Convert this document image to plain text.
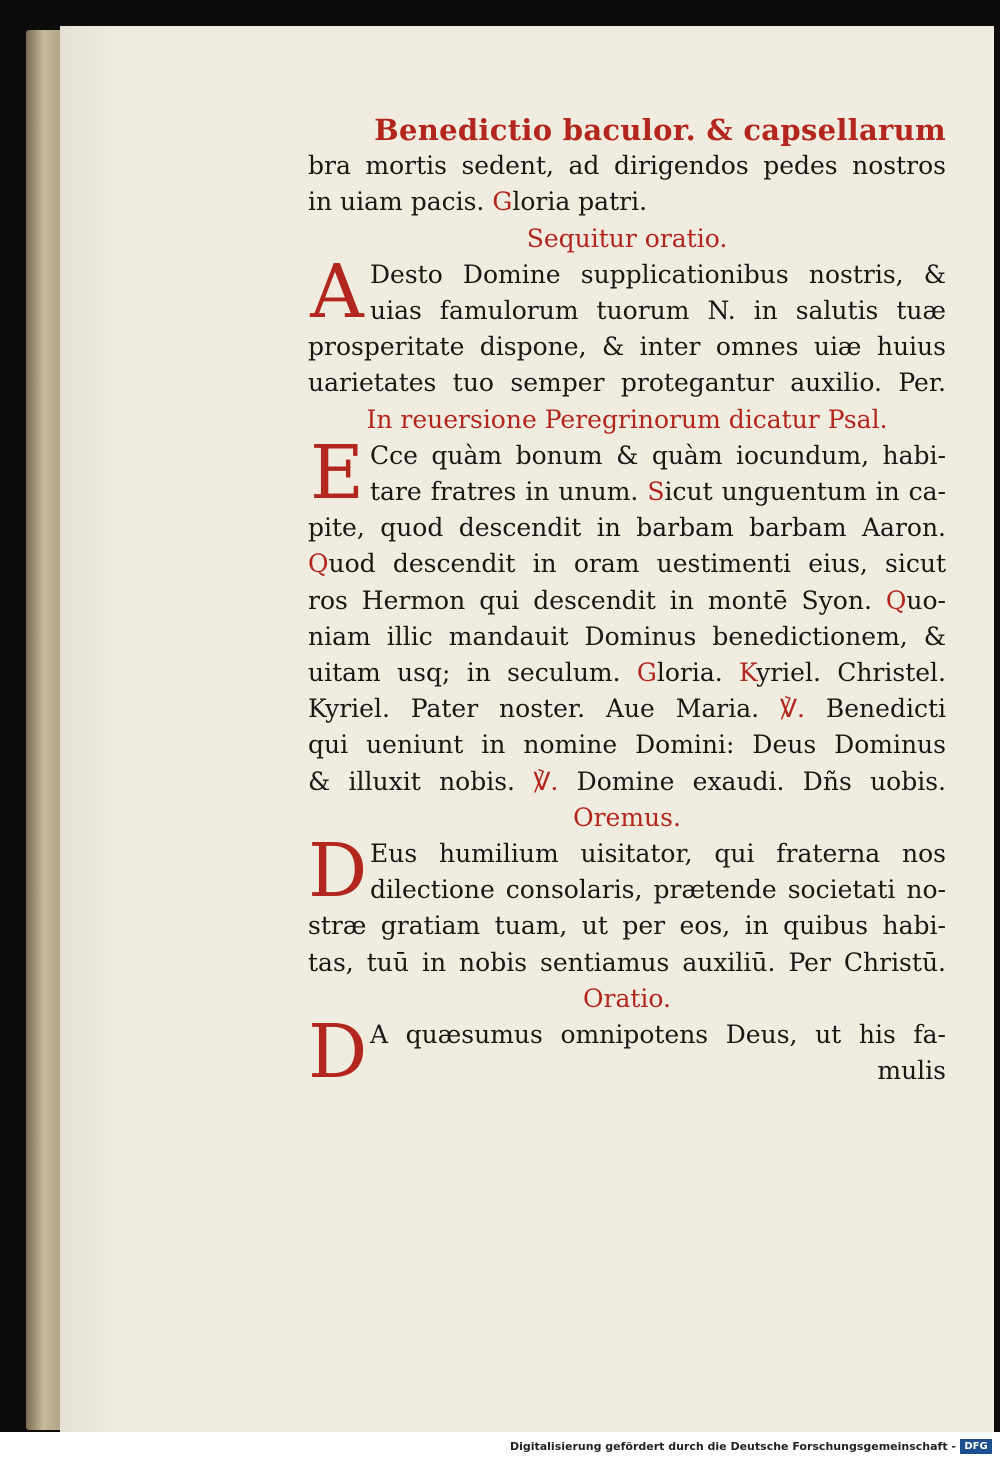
Benedictio baculor. & capsellarum
bra mortis sedent, ad dirigendos pedes nostros
in uiam pacis. Gloria patri.
Sequitur oratio.
A Desto Domine supplicationibus nostris, &
uias famulorum tuorum N. in salutis tuæ
prosperitate dispone, & inter omnes uiæ huius
uarietates tuo semper protegantur auxilio. Per.
In reuersione Peregrinorum dicatur Psal.
E Cce quàm bonum & quàm iocundum, habi-
tare fratres in unum. Sicut unguentum in ca-
pite, quod descendit in barbam barbam Aaron.
Quod descendit in oram uestimenti eius, sicut
ros Hermon qui descendit in montē Syon. Quo-
niam illic mandauit Dominus benedictionem, &
uitam usq; in seculum. Gloria. Kyriel. Christel.
Kyriel. Pater noster. Aue Maria. ℣. Benedicti
qui ueniunt in nomine Domini: Deus Dominus
& illuxit nobis. ℣. Domine exaudi. Dñs uobis.
Oremus.
D Eus humilium uisitator, qui fraterna nos
dilectione consolaris, prætende societati no-
stræ gratiam tuam, ut per eos, in quibus habi-
tas, tuū in nobis sentiamus auxiliū. Per Christū.
Oratio.
D A quæsumus omnipotens Deus, ut his fa-
mulis
Digitalisierung gefördert durch die Deutsche Forschungsgemeinschaft - DFG
